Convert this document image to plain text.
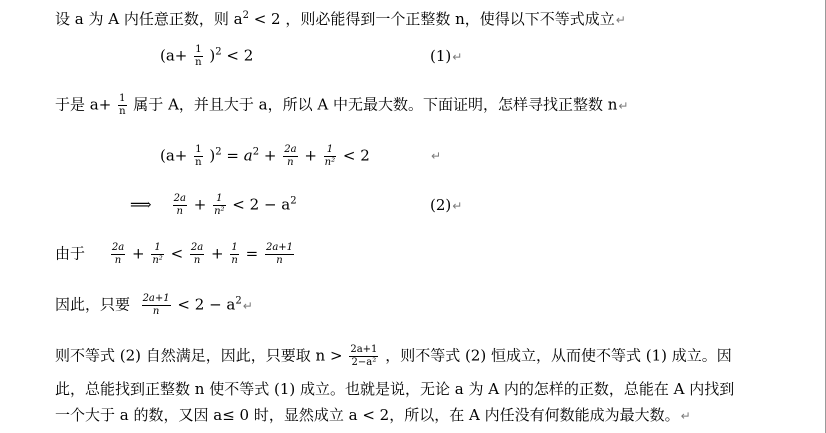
设 a 为 A 内任意正数，则 $a^2 < 2$ ，则必能得到一个正整数 n，使得以下不等式成立↵
$(a+ \frac{1}{n} )^2 < 2$	(1)↵
于是 $a+ \frac{1}{n}$ 属于 A，并且大于 a，所以 A 中无最大数。下面证明，怎样寻找正整数 n↵
$(a+ \frac{1}{n} )^2 = a^2 + \frac{2a}{n} + \frac{1}{\text{n²}} < 2$	↵
⟹ $\frac{2a}{n} + \frac{1}{\text{n²}} < 2 - a^2$	(2)↵
由于	$\frac{2a}{n} + \frac{1}{\text{n²}} < \frac{2a}{n} + \frac{1}{n} = \frac{2a+1}{n}$
因此，只要 $\frac{2a+1}{n} < 2$ − $a^2↵$
则不等式 (2) 自然满足，因此，只要取 $n > \frac{2a+1}{\text{2−a²}}$ ，则不等式 (2) 恒成立，从而使不等式 (1) 成立。因
此，总能找到正整数 n 使不等式 (1) 成立。也就是说，无论 a 为 A 内的怎样的正数，总能在 A 内找到
一个大于 a 的数，又因 a≤ 0 时，显然成立 a < 2，所以，在 A 内任没有何数能成为最大数。↵
